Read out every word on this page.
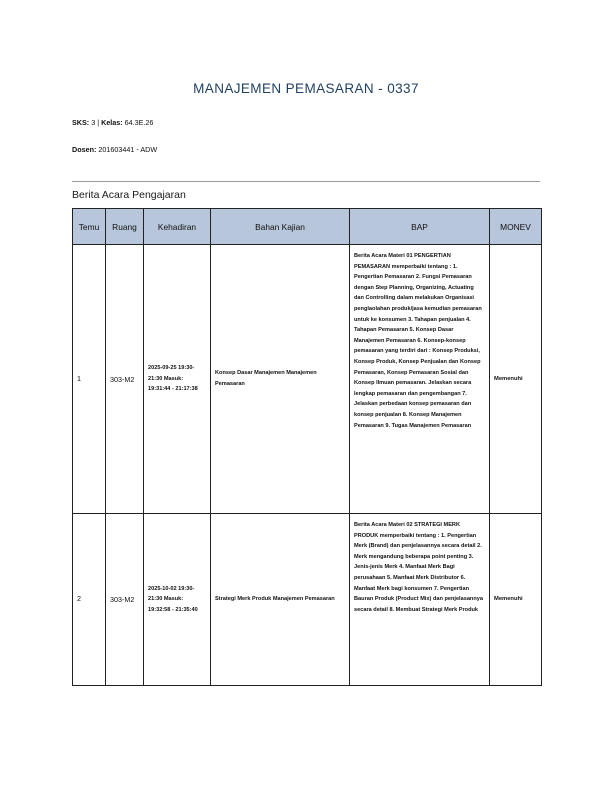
MANAJEMEN PEMASARAN - 0337
SKS: 3 | Kelas: 64.3E.26
Dosen: 201603441 - ADW
Berita Acara Pengajaran
Temu	Ruang	Kehadiran	Bahan Kajian	BAP	MONEV
1	303-M2	2025-09-25 19:30-21:30 Masuk: 19:31:44 - 21:17:38	Konsep Dasar Manajemen Manajemen Pemasaran	Berita Acara Materi 01 PENGERTIAN PEMASARAN memperbaiki tentang : 1. Pengertian Pemasaran 2. Fungsi Pemasaran dengan Step Planning, Organizing, Actuating dan Controlling dalam melakukan Organisasi penglaolahan produk/jasa kemudian pemasaran untuk ke konsumen 3. Tahapan penjualan 4. Tahapan Pemasaran 5. Konsep Dasar Manajemen Pemasaran 6. Konsep-konsep pemasaran yang terdiri dari : Konsep Produksi, Konsep Produk, Konsep Penjualan dan Konsep Pemasaran, Konsep Pemasaran Sosial dan Konsep Ilmuan pemasaran. Jelaskan secara lengkap pemasaran dan pengembangan 7. Jelaskan perbedaan konsep pemasaran dan konsep penjualan 8. Konsep Manajemen Pemasaran 9. Tugas Manajemen Pemasaran	Memenuhi
2	303-M2	2025-10-02 19:30-21:30 Masuk: 19:32:58 - 21:35:40	Strategi Merk Produk Manajemen Pemasaran	Berita Acara Materi 02 STRATEGI MERK PRODUK memperbaiki tentang : 1. Pengertian Merk (Brand) dan penjelasannya secara detail 2. Merk mengandung beberapa point penting 3. Jenis-jenis Merk 4. Manfaat Merk Bagi perusahaan 5. Manfaat Merk Distributor 6. Manfaat Merk bagi konsumen 7. Pengertian Bauran Produk (Product Mix) dan penjelasannya secara detail 8. Membuat Strategi Merk Produk	Memenuhi
